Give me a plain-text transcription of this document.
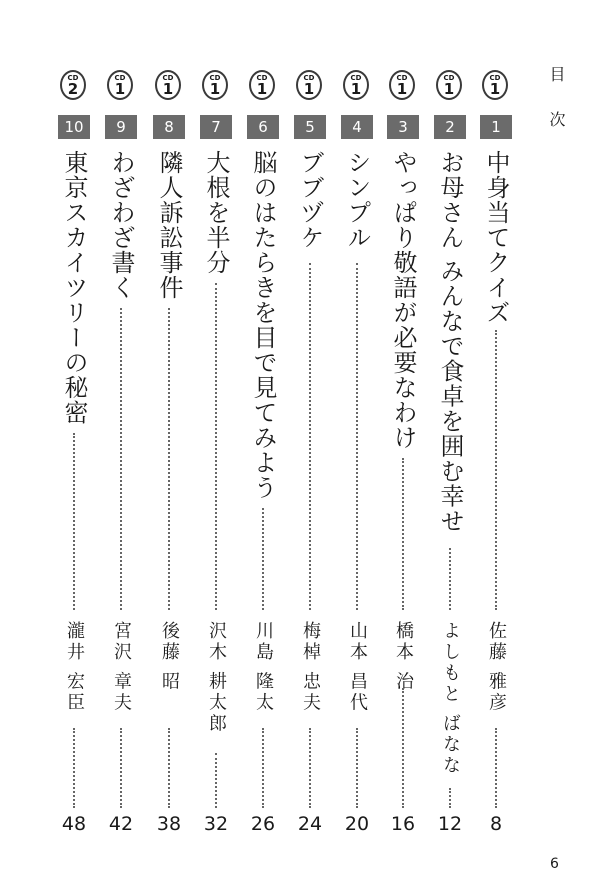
目 次
CD
1
1
中身当てクイズ
佐藤 雅彦
8
CD
1
2
お母さん みんなで食卓を囲む幸せ
よしもと ばなな
12
CD
1
3
やっぱり敬語が必要なわけ
橋本 治
16
CD
1
4
シンプル
山本 昌代
20
CD
1
5
ブブヅケ
梅棹 忠夫
24
CD
1
6
脳のはたらきを目で見てみよう
川島 隆太
26
CD
1
7
大根を半分
沢木 耕太郎
32
CD
1
8
隣人訴訟事件
後藤 昭
38
CD
1
9
わざわざ書く
宮沢 章夫
42
CD
2
10
東京スカイツリーの秘密
瀧井 宏臣
48
6
